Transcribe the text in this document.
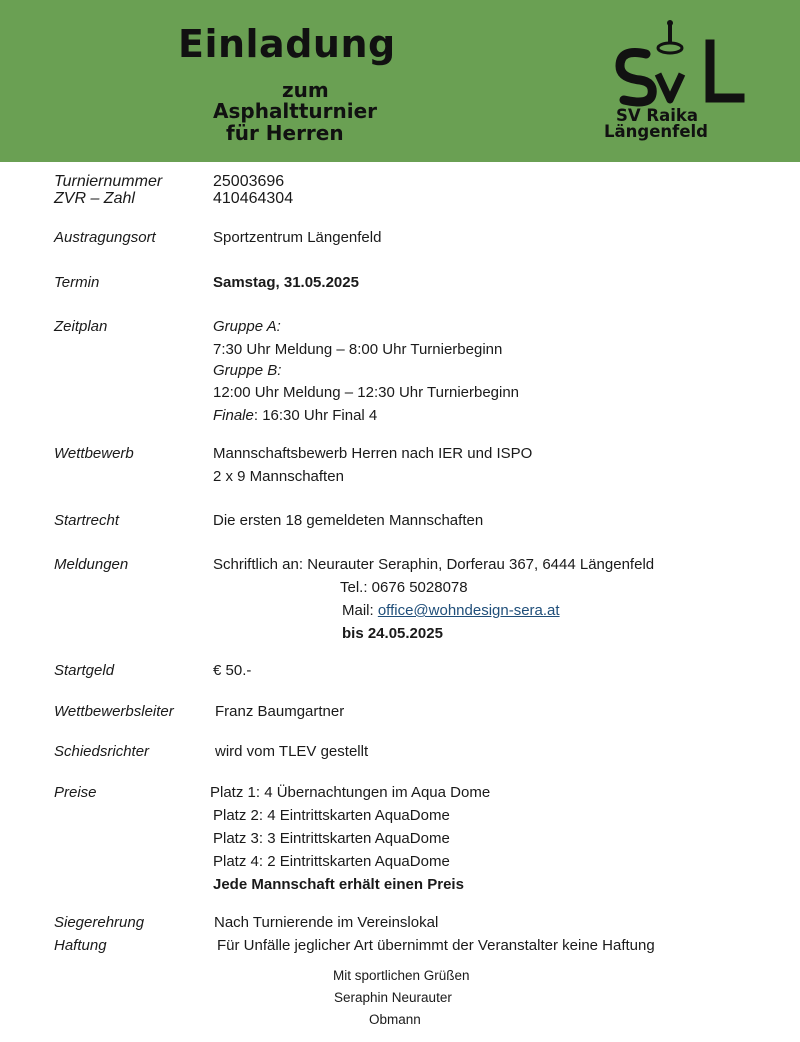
Einladung
zum
Asphaltturnier
für Herren
SV Raika
Längenfeld
Turniernummer	25003696
ZVR – Zahl	410464304
Austragungsort	Sportzentrum Längenfeld
Termin	Samstag, 31.05.2025
Zeitplan	Gruppe A:
7:30 Uhr Meldung – 8:00 Uhr Turnierbeginn
Gruppe B:
12:00 Uhr Meldung – 12:30 Uhr Turnierbeginn
Finale: 16:30 Uhr Final 4
Wettbewerb	Mannschaftsbewerb Herren nach IER und ISPO
2 x 9 Mannschaften
Startrecht	Die ersten 18 gemeldeten Mannschaften
Meldungen	Schriftlich an: Neurauter Seraphin, Dorferau 367, 6444 Längenfeld
Tel.: 0676 5028078
Mail: office@wohndesign-sera.at
bis 24.05.2025
Startgeld	€ 50.-
Wettbewerbsleiter	Franz Baumgartner
Schiedsrichter	wird vom TLEV gestellt
Preise	Platz 1: 4 Übernachtungen im Aqua Dome
Platz 2: 4 Eintrittskarten AquaDome
Platz 3: 3 Eintrittskarten AquaDome
Platz 4: 2 Eintrittskarten AquaDome
Jede Mannschaft erhält einen Preis
Siegerehrung	Nach Turnierende im Vereinslokal
Haftung	Für Unfälle jeglicher Art übernimmt der Veranstalter keine Haftung
Mit sportlichen Grüßen
Seraphin Neurauter
Obmann
